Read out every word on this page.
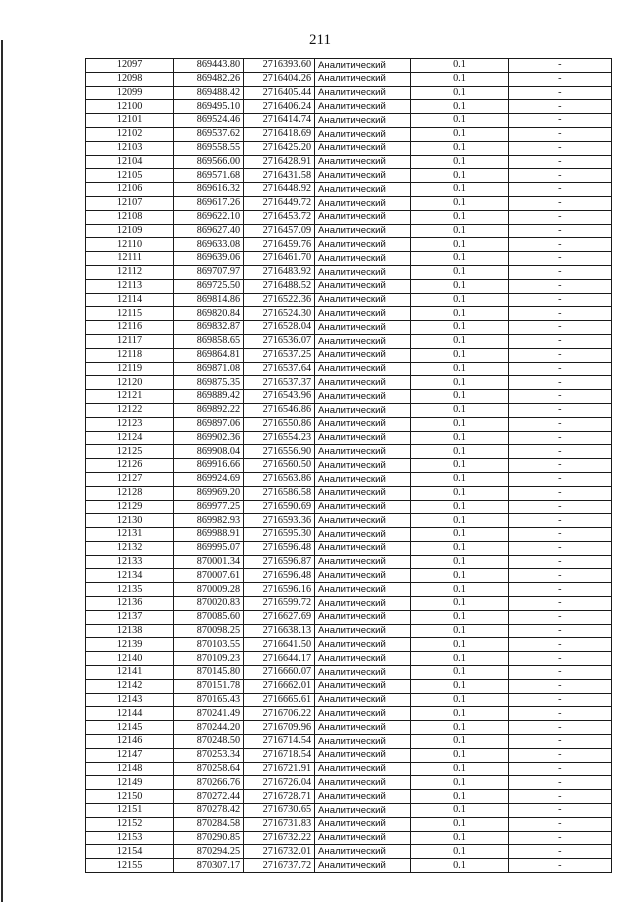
211
12097	869443.80	2716393.60	Аналитический	0.1	-
12098	869482.26	2716404.26	Аналитический	0.1	-
12099	869488.42	2716405.44	Аналитический	0.1	-
12100	869495.10	2716406.24	Аналитический	0.1	-
12101	869524.46	2716414.74	Аналитический	0.1	-
12102	869537.62	2716418.69	Аналитический	0.1	-
12103	869558.55	2716425.20	Аналитический	0.1	-
12104	869566.00	2716428.91	Аналитический	0.1	-
12105	869571.68	2716431.58	Аналитический	0.1	-
12106	869616.32	2716448.92	Аналитический	0.1	-
12107	869617.26	2716449.72	Аналитический	0.1	-
12108	869622.10	2716453.72	Аналитический	0.1	-
12109	869627.40	2716457.09	Аналитический	0.1	-
12110	869633.08	2716459.76	Аналитический	0.1	-
12111	869639.06	2716461.70	Аналитический	0.1	-
12112	869707.97	2716483.92	Аналитический	0.1	-
12113	869725.50	2716488.52	Аналитический	0.1	-
12114	869814.86	2716522.36	Аналитический	0.1	-
12115	869820.84	2716524.30	Аналитический	0.1	-
12116	869832.87	2716528.04	Аналитический	0.1	-
12117	869858.65	2716536.07	Аналитический	0.1	-
12118	869864.81	2716537.25	Аналитический	0.1	-
12119	869871.08	2716537.64	Аналитический	0.1	-
12120	869875.35	2716537.37	Аналитический	0.1	-
12121	869889.42	2716543.96	Аналитический	0.1	-
12122	869892.22	2716546.86	Аналитический	0.1	-
12123	869897.06	2716550.86	Аналитический	0.1	-
12124	869902.36	2716554.23	Аналитический	0.1	-
12125	869908.04	2716556.90	Аналитический	0.1	-
12126	869916.66	2716560.50	Аналитический	0.1	-
12127	869924.69	2716563.86	Аналитический	0.1	-
12128	869969.20	2716586.58	Аналитический	0.1	-
12129	869977.25	2716590.69	Аналитический	0.1	-
12130	869982.93	2716593.36	Аналитический	0.1	-
12131	869988.91	2716595.30	Аналитический	0.1	-
12132	869995.07	2716596.48	Аналитический	0.1	-
12133	870001.34	2716596.87	Аналитический	0.1	-
12134	870007.61	2716596.48	Аналитический	0.1	-
12135	870009.28	2716596.16	Аналитический	0.1	-
12136	870020.83	2716599.72	Аналитический	0.1	-
12137	870085.60	2716627.69	Аналитический	0.1	-
12138	870098.25	2716638.13	Аналитический	0.1	-
12139	870103.55	2716641.50	Аналитический	0.1	-
12140	870109.23	2716644.17	Аналитический	0.1	-
12141	870145.80	2716660.07	Аналитический	0.1	-
12142	870151.78	2716662.01	Аналитический	0.1	-
12143	870165.43	2716665.61	Аналитический	0.1	-
12144	870241.49	2716706.22	Аналитический	0.1	-
12145	870244.20	2716709.96	Аналитический	0.1	-
12146	870248.50	2716714.54	Аналитический	0.1	-
12147	870253.34	2716718.54	Аналитический	0.1	-
12148	870258.64	2716721.91	Аналитический	0.1	-
12149	870266.76	2716726.04	Аналитический	0.1	-
12150	870272.44	2716728.71	Аналитический	0.1	-
12151	870278.42	2716730.65	Аналитический	0.1	-
12152	870284.58	2716731.83	Аналитический	0.1	-
12153	870290.85	2716732.22	Аналитический	0.1	-
12154	870294.25	2716732.01	Аналитический	0.1	-
12155	870307.17	2716737.72	Аналитический	0.1	-
